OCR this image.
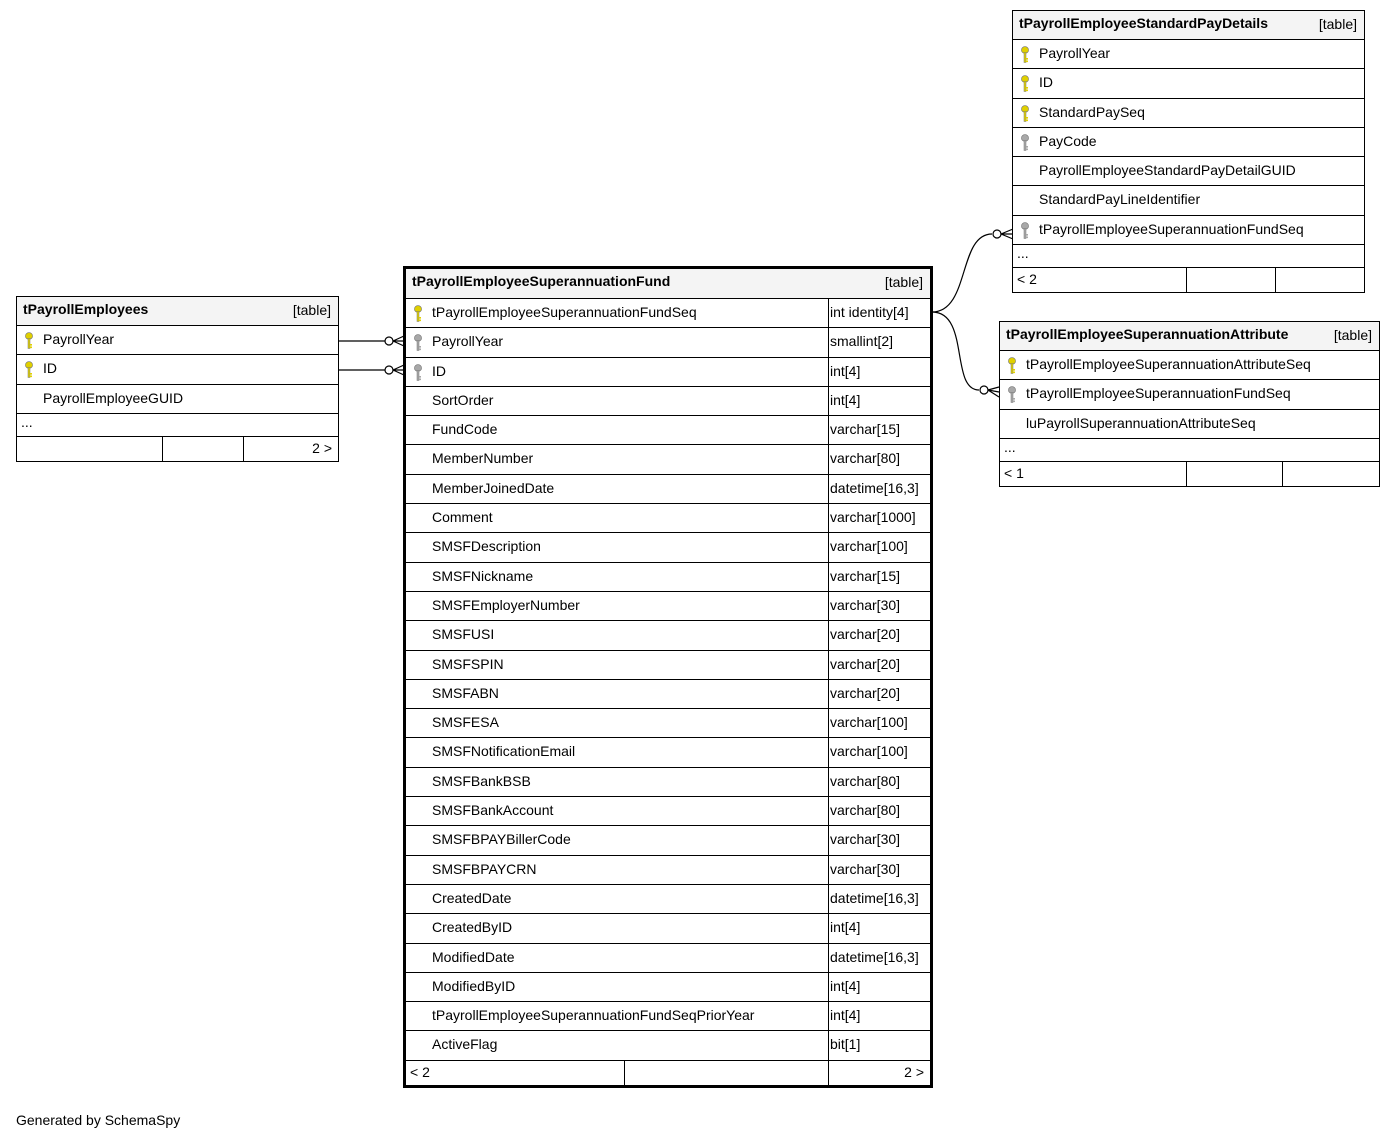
tPayrollEmployees	[table]
PayrollYear
ID
PayrollEmployeeGUID
...
2 >
tPayrollEmployeeSuperannuationFund	[table]
tPayrollEmployeeSuperannuationFundSeq	int identity[4]
PayrollYear	smallint[2]
ID	int[4]
SortOrder	int[4]
FundCode	varchar[15]
MemberNumber	varchar[80]
MemberJoinedDate	datetime[16,3]
Comment	varchar[1000]
SMSFDescription	varchar[100]
SMSFNickname	varchar[15]
SMSFEmployerNumber	varchar[30]
SMSFUSI	varchar[20]
SMSFSPIN	varchar[20]
SMSFABN	varchar[20]
SMSFESA	varchar[100]
SMSFNotificationEmail	varchar[100]
SMSFBankBSB	varchar[80]
SMSFBankAccount	varchar[80]
SMSFBPAYBillerCode	varchar[30]
SMSFBPAYCRN	varchar[30]
CreatedDate	datetime[16,3]
CreatedByID	int[4]
ModifiedDate	datetime[16,3]
ModifiedByID	int[4]
tPayrollEmployeeSuperannuationFundSeqPriorYear	int[4]
ActiveFlag	bit[1]
< 2	2 >
tPayrollEmployeeStandardPayDetails	[table]
PayrollYear
ID
StandardPaySeq
PayCode
PayrollEmployeeStandardPayDetailGUID
StandardPayLineIdentifier
tPayrollEmployeeSuperannuationFundSeq
...
< 2
tPayrollEmployeeSuperannuationAttribute	[table]
tPayrollEmployeeSuperannuationAttributeSeq
tPayrollEmployeeSuperannuationFundSeq
luPayrollSuperannuationAttributeSeq
...
< 1
Generated by SchemaSpy
